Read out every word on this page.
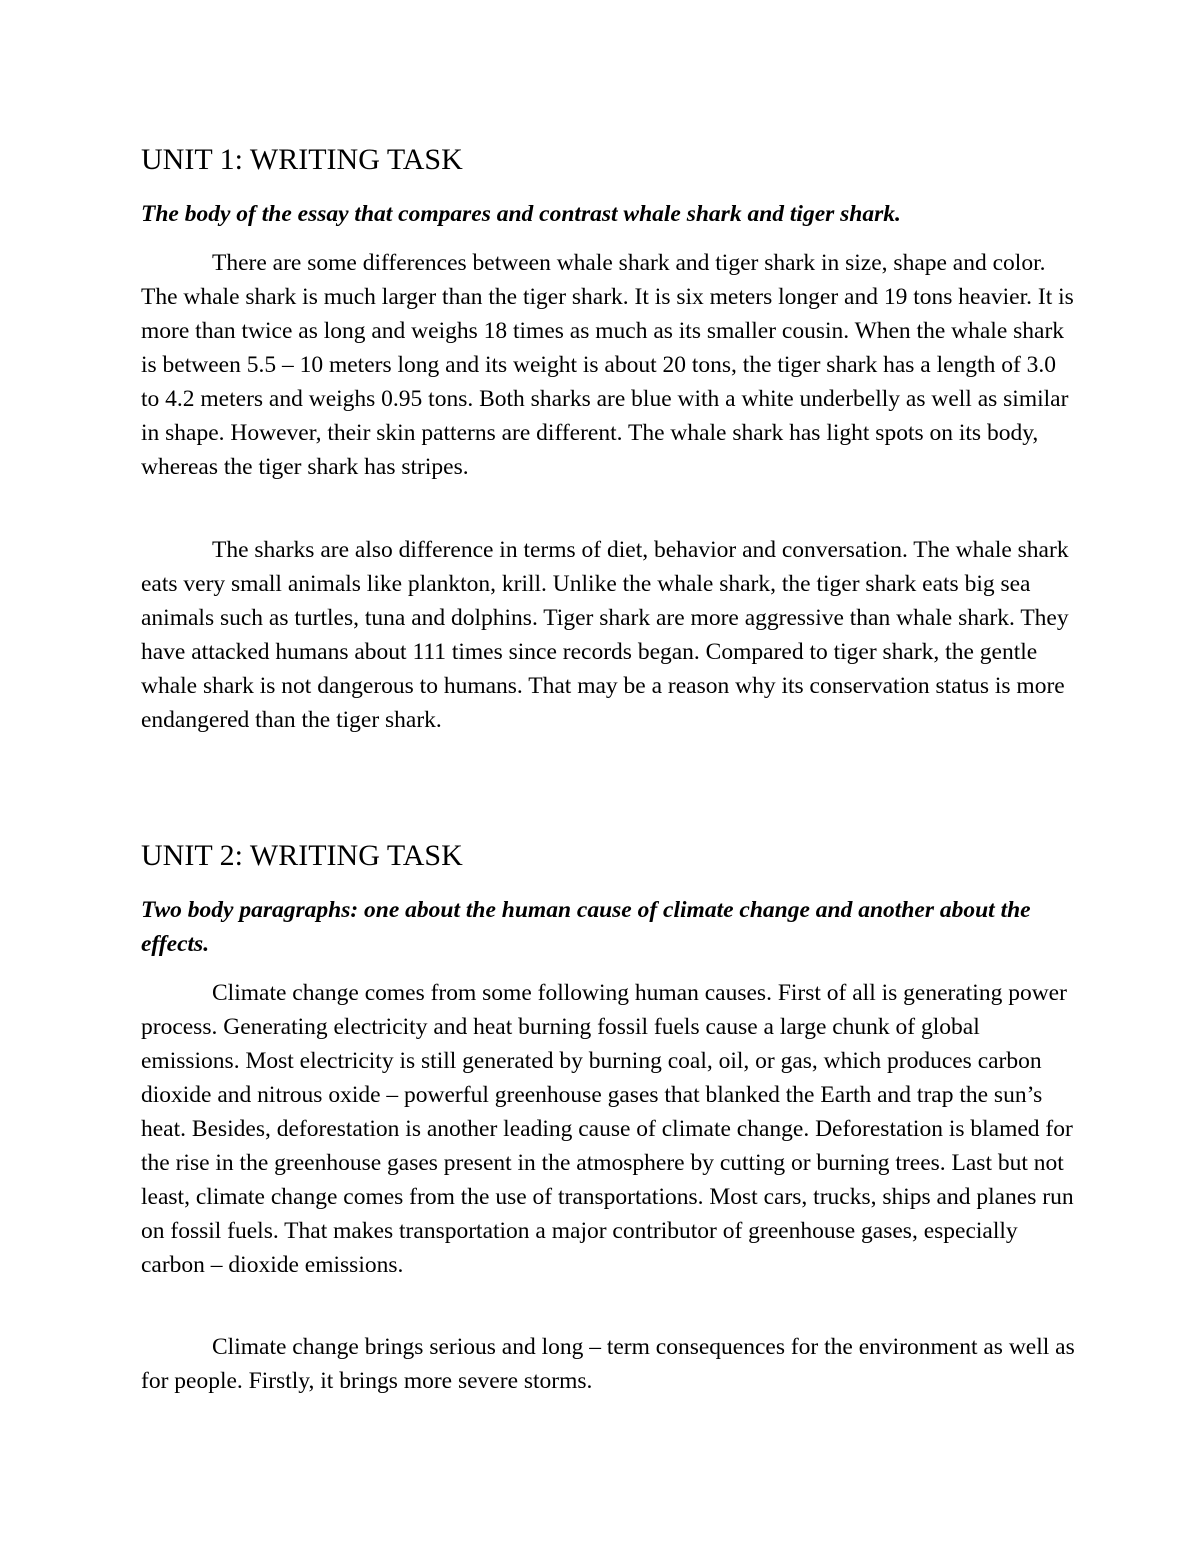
UNIT 1: WRITING TASK

The body of the essay that compares and contrast whale shark and tiger shark.

There are some differences between whale shark and tiger shark in size, shape and color. The whale shark is much larger than the tiger shark. It is six meters longer and 19 tons heavier. It is more than twice as long and weighs 18 times as much as its smaller cousin. When the whale shark is between 5.5 – 10 meters long and its weight is about 20 tons, the tiger shark has a length of 3.0 to 4.2 meters and weighs 0.95 tons. Both sharks are blue with a white underbelly as well as similar in shape. However, their skin patterns are different. The whale shark has light spots on its body, whereas the tiger shark has stripes.

The sharks are also difference in terms of diet, behavior and conversation. The whale shark eats very small animals like plankton, krill. Unlike the whale shark, the tiger shark eats big sea animals such as turtles, tuna and dolphins. Tiger shark are more aggressive than whale shark. They have attacked humans about 111 times since records began. Compared to tiger shark, the gentle whale shark is not dangerous to humans. That may be a reason why its conservation status is more endangered than the tiger shark.

UNIT 2: WRITING TASK

Two body paragraphs: one about the human cause of climate change and another about the effects.

Climate change comes from some following human causes. First of all is generating power process. Generating electricity and heat burning fossil fuels cause a large chunk of global emissions. Most electricity is still generated by burning coal, oil, or gas, which produces carbon dioxide and nitrous oxide – powerful greenhouse gases that blanked the Earth and trap the sun’s heat. Besides, deforestation is another leading cause of climate change. Deforestation is blamed for the rise in the greenhouse gases present in the atmosphere by cutting or burning trees. Last but not least, climate change comes from the use of transportations. Most cars, trucks, ships and planes run on fossil fuels. That makes transportation a major contributor of greenhouse gases, especially carbon – dioxide emissions.

Climate change brings serious and long – term consequences for the environment as well as for people. Firstly, it brings more severe storms.
